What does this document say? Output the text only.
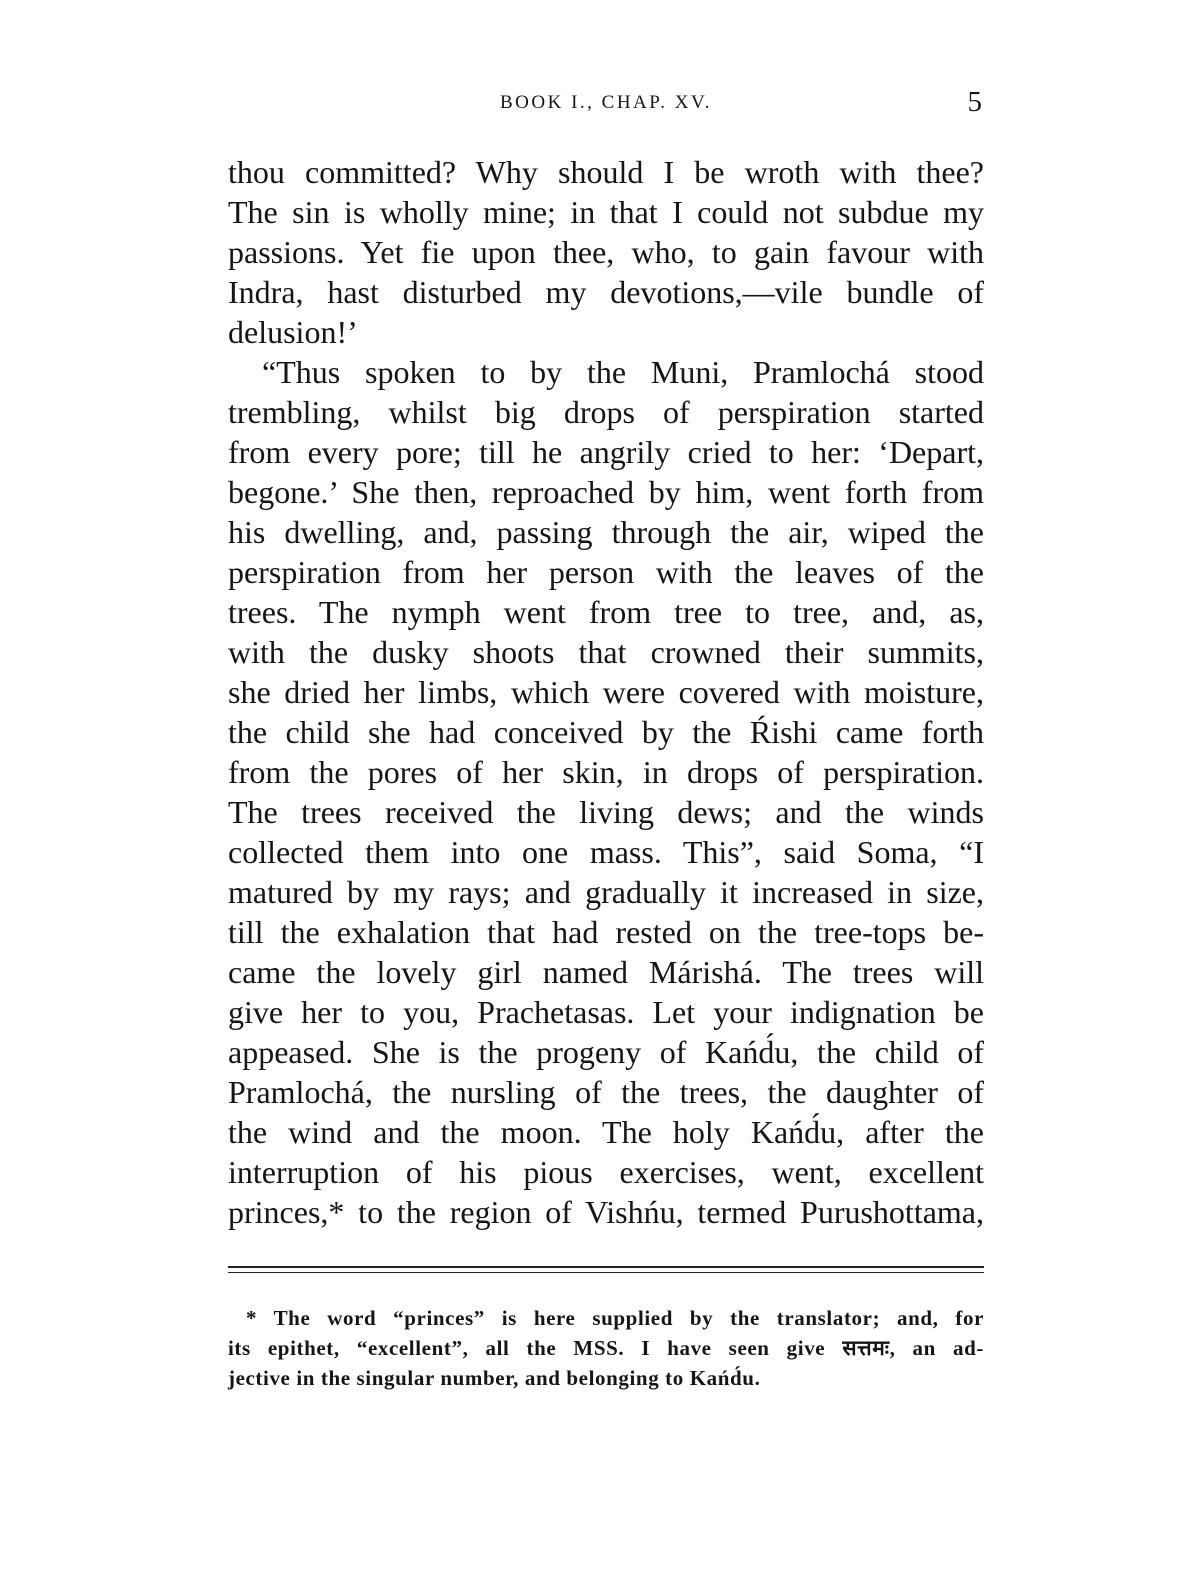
BOOK I., CHAP. XV.	5
thou committed? Why should I be wroth with thee?
The sin is wholly mine; in that I could not subdue my
passions. Yet fie upon thee, who, to gain favour with
Indra, hast disturbed my devotions,—vile bundle of
delusion!’
“Thus spoken to by the Muni, Pramlochá stood
trembling, whilst big drops of perspiration started
from every pore; till he angrily cried to her: ‘Depart,
begone.’ She then, reproached by him, went forth from
his dwelling, and, passing through the air, wiped the
perspiration from her person with the leaves of the
trees. The nymph went from tree to tree, and, as,
with the dusky shoots that crowned their summits,
she dried her limbs, which were covered with moisture,
the child she had conceived by the Ŕishi came forth
from the pores of her skin, in drops of perspiration.
The trees received the living dews; and the winds
collected them into one mass. This”, said Soma, “I
matured by my rays; and gradually it increased in size,
till the exhalation that had rested on the tree-tops be-
came the lovely girl named Márishá. The trees will
give her to you, Prachetasas. Let your indignation be
appeased. She is the progeny of Kańd́u, the child of
Pramlochá, the nursling of the trees, the daughter of
the wind and the moon. The holy Kańd́u, after the
interruption of his pious exercises, went, excellent
princes,* to the region of Vishńu, termed Purushottama,
* The word “princes” is here supplied by the translator; and, for
its epithet, “excellent”, all the MSS. I have seen give सत्तमः, an ad-
jective in the singular number, and belonging to Kańd́u.
